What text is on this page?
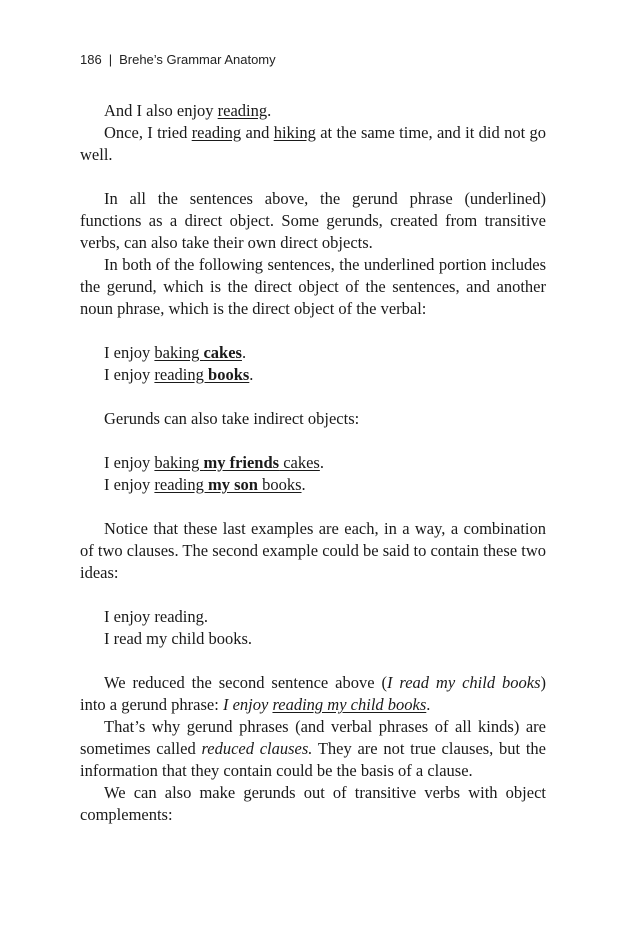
186 | Brehe’s Grammar Anatomy

And I also enjoy reading.

Once, I tried reading and hiking at the same time, and it did not go well.

In all the sentences above, the gerund phrase (underlined) functions as a direct object. Some gerunds, created from transitive verbs, can also take their own direct objects.

In both of the following sentences, the underlined portion includes the gerund, which is the direct object of the sentences, and another noun phrase, which is the direct object of the verbal:

I enjoy baking cakes.

I enjoy reading books.

Gerunds can also take indirect objects:

I enjoy baking my friends cakes.

I enjoy reading my son books.

Notice that these last examples are each, in a way, a combination of two clauses. The second example could be said to contain these two ideas:

I enjoy reading.

I read my child books.

We reduced the second sentence above (I read my child books) into a gerund phrase: I enjoy reading my child books.

That’s why gerund phrases (and verbal phrases of all kinds) are sometimes called reduced clauses. They are not true clauses, but the information that they contain could be the basis of a clause.

We can also make gerunds out of transitive verbs with object complements:
